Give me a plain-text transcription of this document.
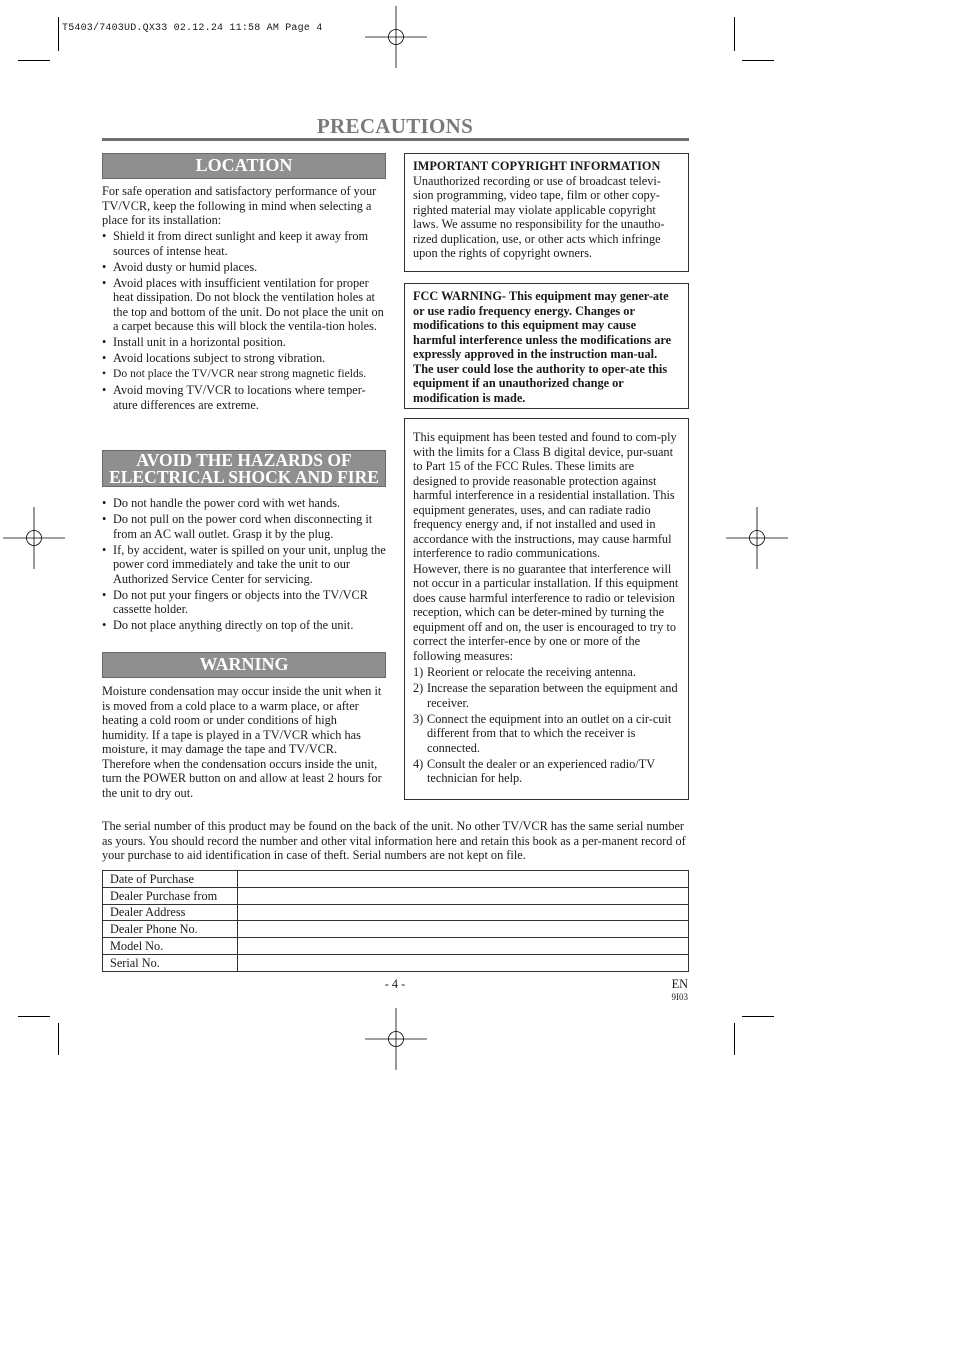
T5403/7403UD.QX33 02.12.24 11:58 AM Page 4
PRECAUTIONS
LOCATION
For safe operation and satisfactory performance of your TV/VCR, keep the following in mind when selecting a place for its installation:
• Shield it from direct sunlight and keep it away from sources of intense heat.
• Avoid dusty or humid places.
• Avoid places with insufficient ventilation for proper heat dissipation. Do not block the ventilation holes at the top and bottom of the unit. Do not place the unit on a carpet because this will block the ventila-tion holes.
• Install unit in a horizontal position.
• Avoid locations subject to strong vibration.
• Do not place the TV/VCR near strong magnetic fields.
• Avoid moving TV/VCR to locations where temper-ature differences are extreme.
AVOID THE HAZARDS OF
ELECTRICAL SHOCK AND FIRE
• Do not handle the power cord with wet hands.
• Do not pull on the power cord when disconnecting it from an AC wall outlet. Grasp it by the plug.
• If, by accident, water is spilled on your unit, unplug the power cord immediately and take the unit to our Authorized Service Center for servicing.
• Do not put your fingers or objects into the TV/VCR cassette holder.
• Do not place anything directly on top of the unit.
WARNING
Moisture condensation may occur inside the unit when it is moved from a cold place to a warm place, or after heating a cold room or under conditions of high humidity. If a tape is played in a TV/VCR which has moisture, it may damage the tape and TV/VCR. Therefore when the condensation occurs inside the unit, turn the POWER button on and allow at least 2 hours for the unit to dry out.
IMPORTANT COPYRIGHT INFORMATION
Unauthorized recording or use of broadcast televi-sion programming, video tape, film or other copy-righted material may violate applicable copyright laws. We assume no responsibility for the unautho-rized duplication, use, or other acts which infringe upon the rights of copyright owners.
FCC WARNING- This equipment may gener-ate or use radio frequency energy. Changes or modifications to this equipment may cause harmful interference unless the modifications are expressly approved in the instruction man-ual. The user could lose the authority to oper-ate this equipment if an unauthorized change or modification is made.
This equipment has been tested and found to com-ply with the limits for a Class B digital device, pur-suant to Part 15 of the FCC Rules. These limits are designed to provide reasonable protection against harmful interference in a residential installation. This equipment generates, uses, and can radiate radio frequency energy and, if not installed and used in accordance with the instructions, may cause harmful interference to radio communications.
However, there is no guarantee that interference will not occur in a particular installation. If this equipment does cause harmful interference to radio or television reception, which can be deter-mined by turning the equipment off and on, the user is encouraged to try to correct the interfer-ence by one or more of the following measures:
1) Reorient or relocate the receiving antenna.
2) Increase the separation between the equipment and receiver.
3) Connect the equipment into an outlet on a cir-cuit different from that to which the receiver is connected.
4) Consult the dealer or an experienced radio/TV technician for help.
The serial number of this product may be found on the back of the unit. No other TV/VCR has the same serial number as yours. You should record the number and other vital information here and retain this book as a per-manent record of your purchase to aid identification in case of theft. Serial numbers are not kept on file.
Date of Purchase	
Dealer Purchase from	
Dealer Address	
Dealer Phone No.	
Model No.	
Serial No.	
- 4 -	EN
9I03
